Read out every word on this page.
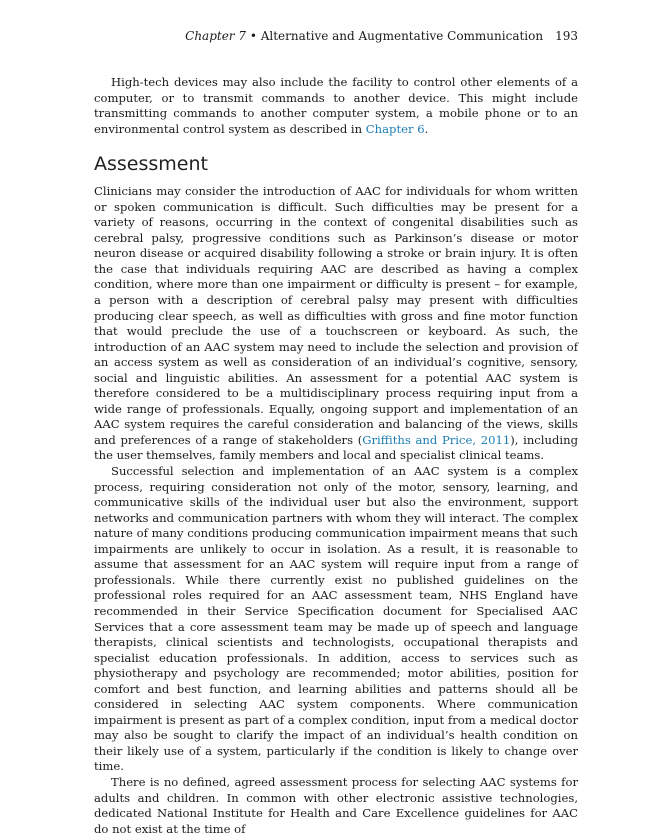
Chapter 7 • Alternative and Augmentative Communication 193

High-tech devices may also include the facility to control other elements of a computer, or to transmit commands to another device. This might include transmitting commands to another computer system, a mobile phone or to an environmental control system as described in Chapter 6.

Assessment

Clinicians may consider the introduction of AAC for individuals for whom written or spoken communication is difficult. Such difficulties may be present for a variety of reasons, occurring in the context of congenital disabilities such as cerebral palsy, progressive conditions such as Parkinson’s disease or motor neuron disease or acquired disability following a stroke or brain injury. It is often the case that individuals requiring AAC are described as having a complex condition, where more than one impairment or difficulty is present – for example, a person with a description of cerebral palsy may present with difficulties producing clear speech, as well as difficulties with gross and fine motor function that would preclude the use of a touchscreen or keyboard. As such, the introduction of an AAC system may need to include the selection and provision of an access system as well as consideration of an individual’s cognitive, sensory, social and linguistic abilities. An assessment for a potential AAC system is therefore considered to be a multidisciplinary process requiring input from a wide range of professionals. Equally, ongoing support and implementation of an AAC system requires the careful consideration and balancing of the views, skills and preferences of a range of stakeholders (Griffiths and Price, 2011), including the user themselves, family members and local and specialist clinical teams.

Successful selection and implementation of an AAC system is a complex process, requiring consideration not only of the motor, sensory, learning, and communicative skills of the individual user but also the environment, support networks and communication partners with whom they will interact. The complex nature of many conditions producing communication impairment means that such impairments are unlikely to occur in isolation. As a result, it is reasonable to assume that assessment for an AAC system will require input from a range of professionals. While there currently exist no published guidelines on the professional roles required for an AAC assessment team, NHS England have recommended in their Service Specification document for Specialised AAC Services that a core assessment team may be made up of speech and language therapists, clinical scientists and technologists, occupational therapists and specialist education professionals. In addition, access to services such as physiotherapy and psychology are recommended; motor abilities, position for comfort and best function, and learning abilities and patterns should all be considered in selecting AAC system components. Where communication impairment is present as part of a complex condition, input from a medical doctor may also be sought to clarify the impact of an individual’s health condition on their likely use of a system, particularly if the condition is likely to change over time.

There is no defined, agreed assessment process for selecting AAC systems for adults and children. In common with other electronic assistive technologies, dedicated National Institute for Health and Care Excellence guidelines for AAC do not exist at the time of
